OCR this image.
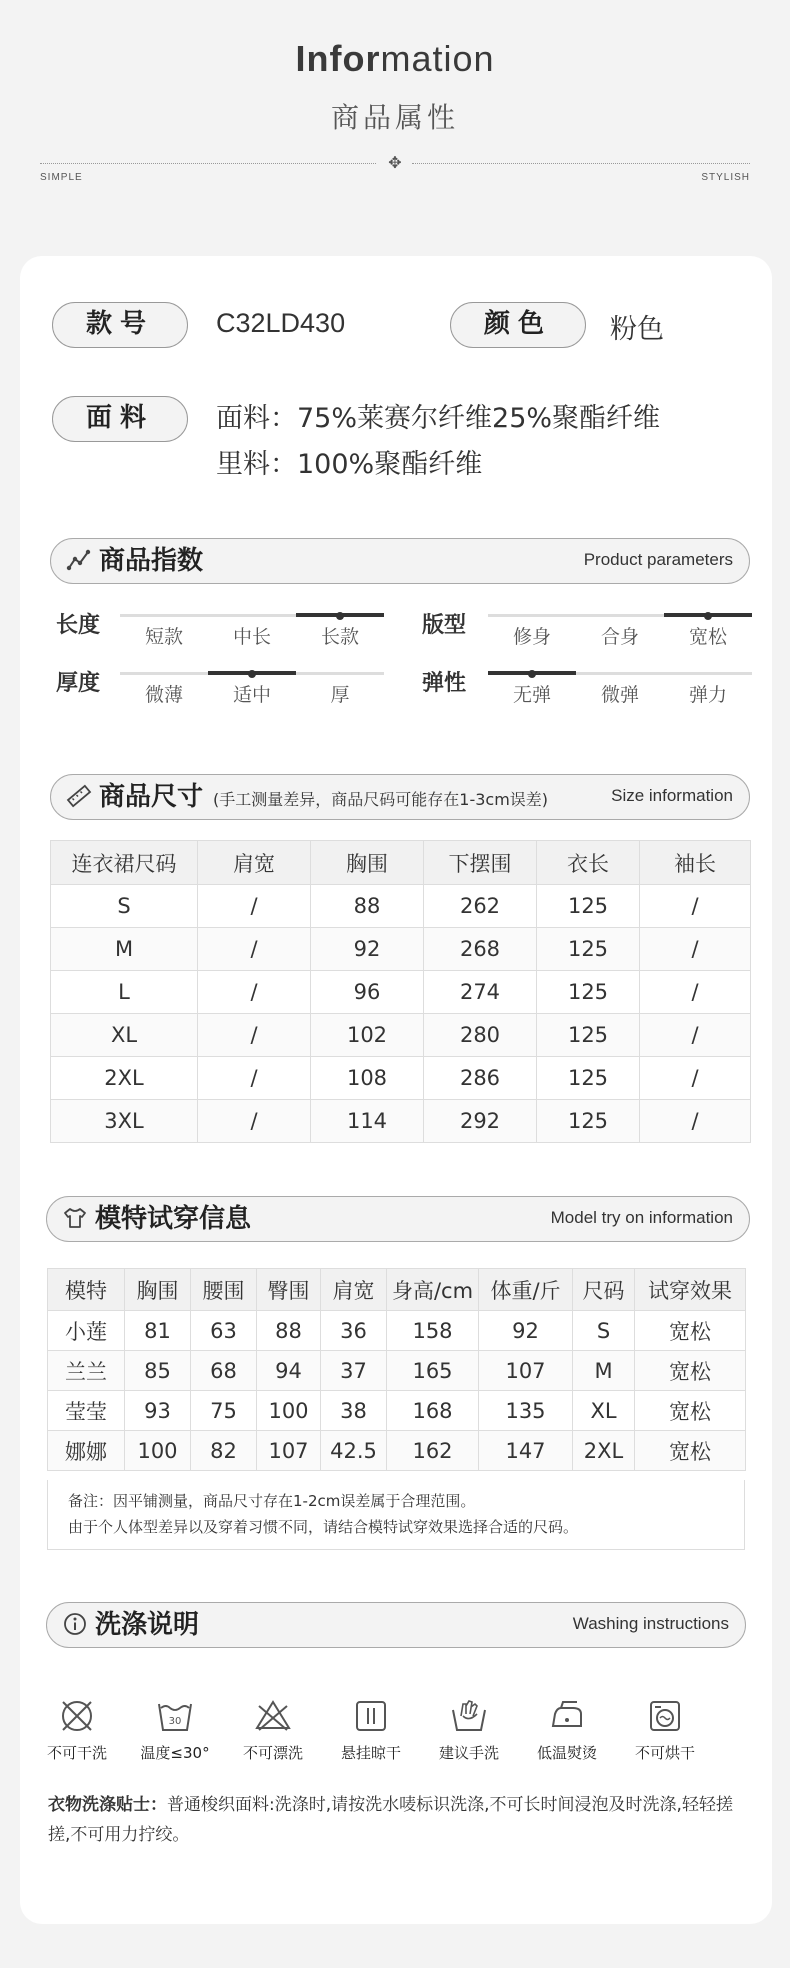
Information
商品属性
✥
SIMPLE	STYLISH
款号	C32LD430	颜色	粉色
面料	面料：75%莱赛尔纤维25%聚酯纤维
里料：100%聚酯纤维
商品指数	Product parameters
长度	短款	中长	长款	版型	修身	合身	宽松
厚度	微薄	适中	厚	弹性	无弹	微弹	弹力
商品尺寸 (手工测量差异，商品尺码可能存在1-3cm误差)	Size information
连衣裙尺码	肩宽	胸围	下摆围	衣长	袖长
S	/	88	262	125	/
M	/	92	268	125	/
L	/	96	274	125	/
XL	/	102	280	125	/
2XL	/	108	286	125	/
3XL	/	114	292	125	/
模特试穿信息	Model try on information
模特	胸围	腰围	臀围	肩宽	身高/cm	体重/斤	尺码	试穿效果
小莲	81	63	88	36	158	92	S	宽松
兰兰	85	68	94	37	165	107	M	宽松
莹莹	93	75	100	38	168	135	XL	宽松
娜娜	100	82	107	42.5	162	147	2XL	宽松
备注：因平铺测量，商品尺寸存在1-2cm误差属于合理范围。
由于个人体型差异以及穿着习惯不同，请结合模特试穿效果选择合适的尺码。
洗涤说明	Washing instructions
不可干洗
30
温度≤30°	不可漂洗	悬挂晾干	建议手洗	低温熨烫	不可烘干
衣物洗涤贴士：普通梭织面料:洗涤时,请按洗水唛标识洗涤,不可长时间浸泡及时洗涤,轻轻搓搓,不可用力拧绞。
